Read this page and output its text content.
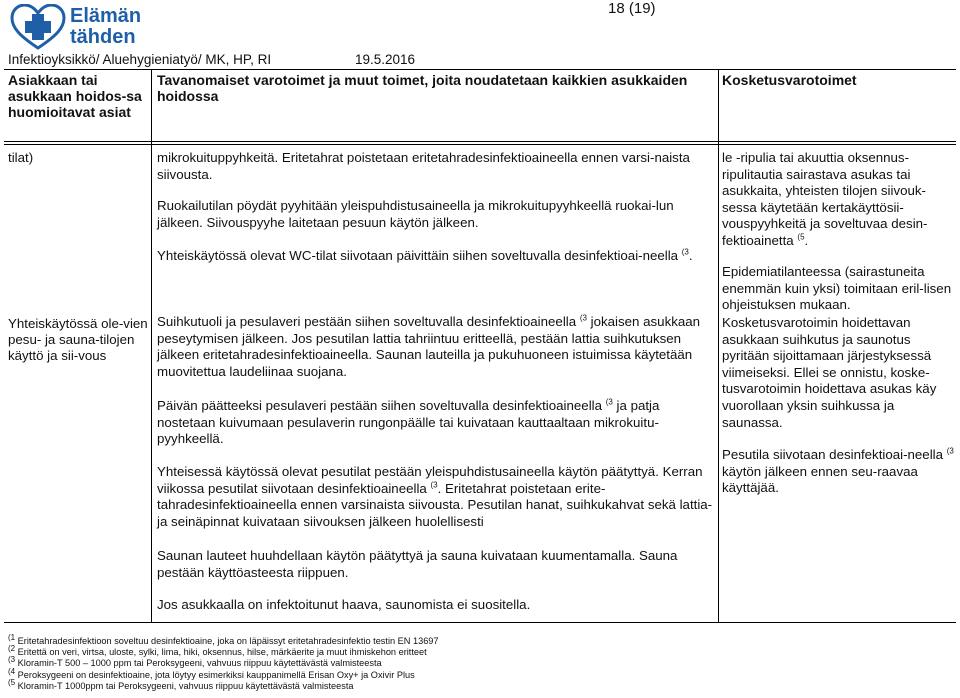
Elämän
tähden
18 (19)
Infektioyksikkö/ Aluehygieniatyö/ MK, HP, RI	19.5.2016
Asiakkaan tai asukkaan hoidos-sa huomioitavat asiat
Tavanomaiset varotoimet ja muut toimet, joita noudatetaan kaikkien asukkaiden hoidossa
Kosketusvarotoimet
tilat)
Yhteiskäytössä ole-vien pesu- ja sauna-tilojen käyttö ja sii-vous

mikrokuituppyhkeitä. Eritetahrat poistetaan eritetahradesinfektioaineella ennen varsi-naista siivousta.

Ruokailutilan pöydät pyyhitään yleispuhdistusaineella ja mikrokuitupyyhkeellä ruokai-lun jälkeen. Siivouspyyhe laitetaan pesuun käytön jälkeen.

Yhteiskäytössä olevat WC-tilat siivotaan päivittäin siihen soveltuvalla desinfektioai-neella $^{(3}$.

Suihkutuoli ja pesulaveri pestään siihen soveltuvalla desinfektioaineella $^{(3}$ jokaisen asukkaan peseytymisen jälkeen. Jos pesutilan lattia tahriintuu eritteellä, pestään lattia suihkutuksen jälkeen eritetahradesinfektioaineella. Saunan lauteilla ja pukuhuoneen istuimissa käytetään muovitettua laudeliinaa suojana.

Päivän päätteeksi pesulaveri pestään siihen soveltuvalla desinfektioaineella $^{(3}$ ja patja nostetaan kuivumaan pesulaverin rungonpäälle tai kuivataan kauttaaltaan mikrokuitu-pyyhkeellä.

Yhteisessä käytössä olevat pesutilat pestään yleispuhdistusaineella käytön päätyttyä. Kerran viikossa pesutilat siivotaan desinfektioaineella $^{(3}$. Eritetahrat poistetaan erite-tahradesinfektioaineella ennen varsinaista siivousta. Pesutilan hanat, suihkukahvat sekä lattia- ja seinäpinnat kuivataan siivouksen jälkeen huolellisesti

Saunan lauteet huuhdellaan käytön päätyttyä ja sauna kuivataan kuumentamalla. Sauna pestään käyttöasteesta riippuen.

Jos asukkaalla on infektoitunut haava, saunomista ei suositella.

le -ripulia tai akuuttia oksennus-ripulitautia sairastava asukas tai asukkaita, yhteisten tilojen siivouk-sessa käytetään kertakäyttösii-vouspyyhkeitä ja soveltuvaa desin-fektioainetta $^{(5}$.

Epidemiatilanteessa (sairastuneita enemmän kuin yksi) toimitaan eril-lisen ohjeistuksen mukaan.

Kosketusvarotoimin hoidettavan asukkaan suihkutus ja saunotus pyritään sijoittamaan järjestyksessä viimeiseksi. Ellei se onnistu, koske-tusvarotoimin hoidettava asukas käy vuorollaan yksin suihkussa ja saunassa.

Pesutila siivotaan desinfektioai-neella $^{(3}$ käytön jälkeen ennen seu-raavaa käyttäjää.

$^{(1}$ Eritetahradesinfektioon soveltuu desinfektioaine, joka on läpäissyt eritetahradesinfektio testin EN 13697
$^{(2}$ Eritettä on veri, virtsa, uloste, sylki, lima, hiki, oksennus, hilse, märkäerite ja muut ihmiskehon eritteet
$^{(3}$ Kloramin-T 500 – 1000 ppm tai Peroksygeeni, vahvuus riippuu käytettävästä valmisteesta
$^{(4}$ Peroksygeeni on desinfektioaine, jota löytyy esimerkiksi kauppanimellä Erisan Oxy+ ja Oxivir Plus
$^{(5}$ Kloramin-T 1000ppm tai Peroksygeeni, vahvuus riippuu käytettävästä valmisteesta
